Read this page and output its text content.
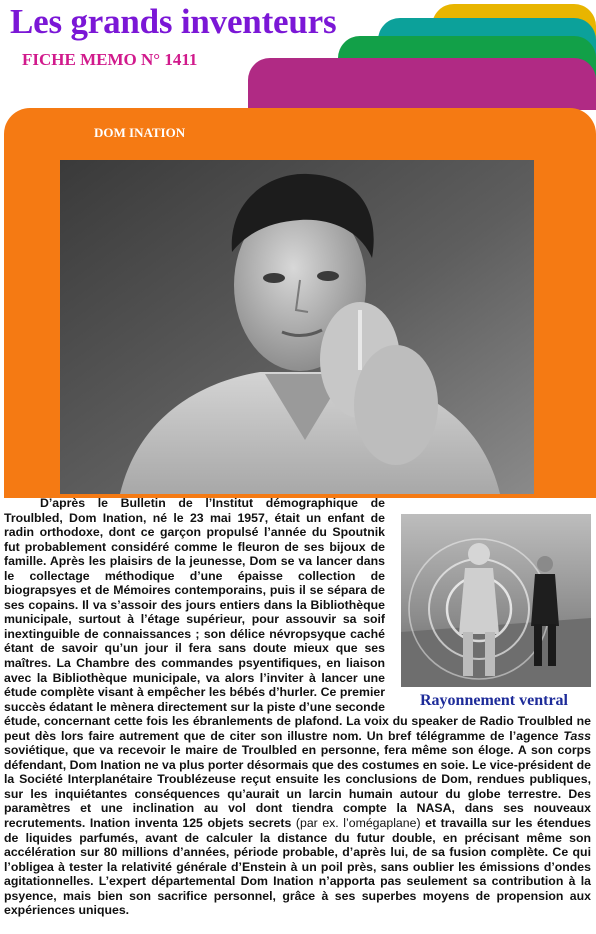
Les grands inventeurs
FICHE MEMO N° 1411
DOM INATION
Rayonnement ventral

D’après le Bulletin de l’Institut démographique de Troulbled, Dom Ination, né le 23 mai 1957, était un enfant de radin orthodoxe, dont ce garçon propulsé l’année du Spoutnik fut probablement considéré comme le fleuron de ses bijoux de famille. Après les plaisirs de la jeunesse, Dom se va lancer dans le collectage méthodique d’une épaisse collection de biograpsyes et de Mémoires contemporains, puis il se sépara de ses copains. Il va s’assoir des jours entiers dans la Bibliothèque municipale, surtout à l’étage supérieur, pour assouvir sa soif inextinguible de connaissances ; son délice névropsyque caché étant de savoir qu’un jour il fera sans doute mieux que ses maîtres. La Chambre des commandes psyentifiques, en liaison avec la Bibliothèque municipale, va alors l’inviter à lancer une étude complète visant à empêcher les bébés d’hurler. Ce premier succès édatant le mènera directement sur la piste d’une seconde étude, concernant cette fois les ébranlements de plafond. La voix du speaker de Radio Troulbled ne peut dès lors faire autrement que de citer son illustre nom. Un bref télégramme de l’agence Tass soviétique, que va recevoir le maire de Troulbled en personne, fera même son éloge. A son corps défendant, Dom Ination ne va plus porter désormais que des costumes en soie. Le vice-président de la Société Interplanétaire Troublézeuse reçut ensuite les conclusions de Dom, rendues publiques, sur les inquiétantes conséquences qu’aurait un larcin humain autour du globe terrestre. Des paramètres et une inclination au vol dont tiendra compte la NASA, dans ses nouveaux recrutements. Ination inventa 125 objets secrets (par ex. l’omégaplane) et travailla sur les étendues de liquides parfumés, avant de calculer la distance du futur double, en précisant même son accélération sur 80 millions d’années, période probable, d’après lui, de sa fusion complète. Ce qui l’obligea à tester la relativité générale d’Enstein à un poil près, sans oublier les émissions d’ondes agitationnelles. L’expert départemental Dom Ination n’apporta pas seulement sa contribution à la psyence, mais bien son sacrifice personnel, grâce à ses superbes moyens de propension aux expériences uniques.
